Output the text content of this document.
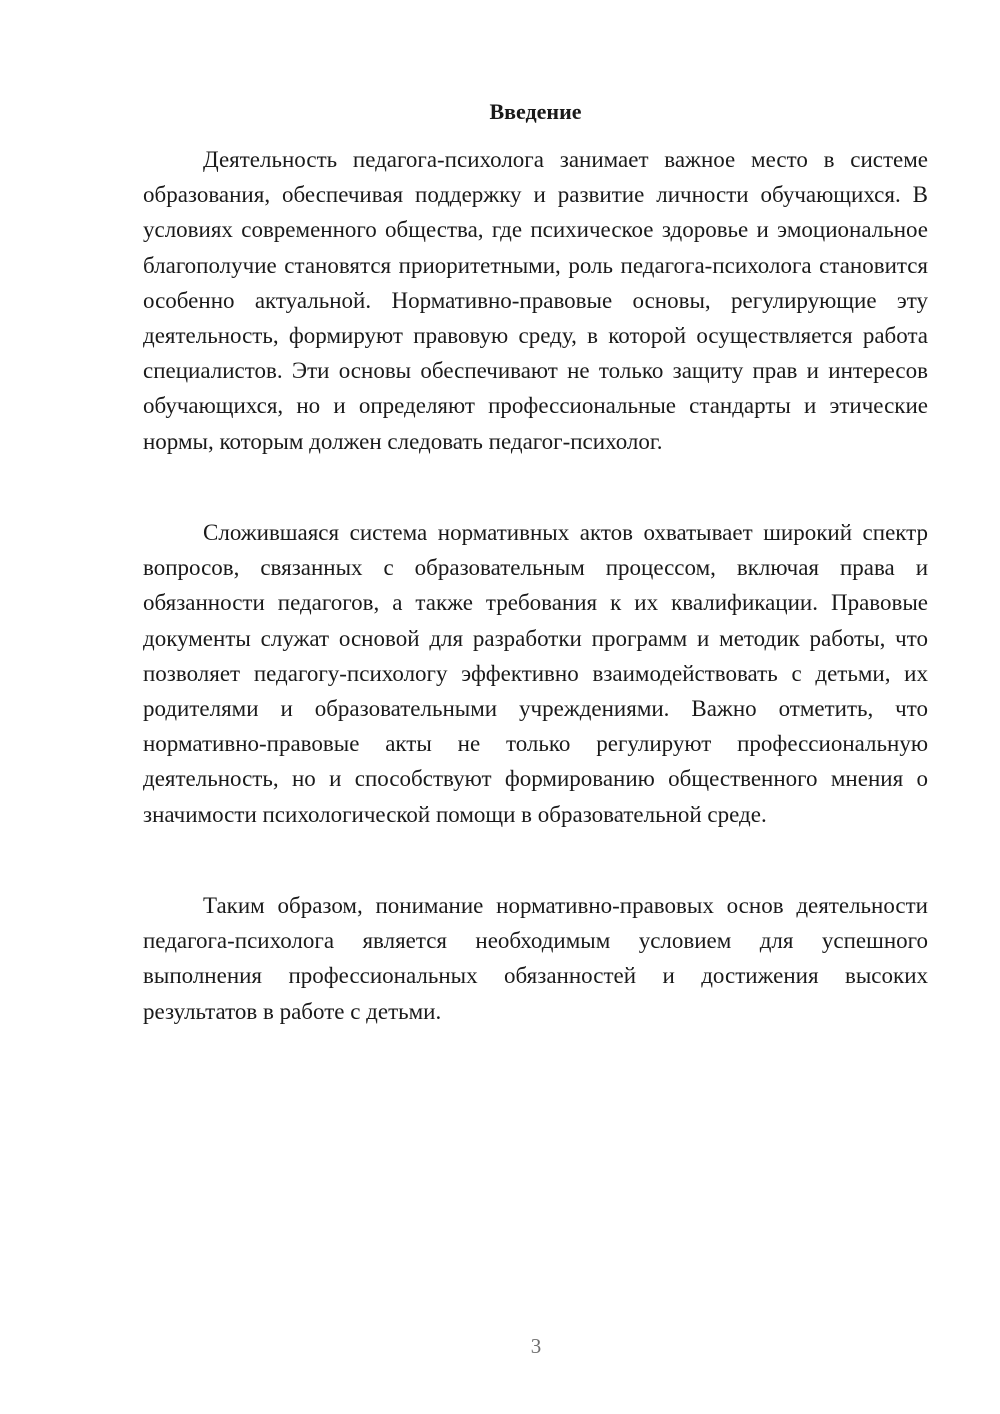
Введение

Деятельность педагога-психолога занимает важное место в системе образования, обеспечивая поддержку и развитие личности обучающихся. В условиях современного общества, где психическое здоровье и эмоциональное благополучие становятся приоритетными, роль педагога-психолога становится особенно актуальной. Нормативно-правовые основы, регулирующие эту деятельность, формируют правовую среду, в которой осуществляется работа специалистов. Эти основы обеспечивают не только защиту прав и интересов обучающихся, но и определяют профессиональные стандарты и этические нормы, которым должен следовать педагог-психолог.

Сложившаяся система нормативных актов охватывает широкий спектр вопросов, связанных с образовательным процессом, включая права и обязанности педагогов, а также требования к их квалификации. Правовые документы служат основой для разработки программ и методик работы, что позволяет педагогу-психологу эффективно взаимодействовать с детьми, их родителями и образовательными учреждениями. Важно отметить, что нормативно-правовые акты не только регулируют профессиональную деятельность, но и способствуют формированию общественного мнения о значимости психологической помощи в образовательной среде.

Таким образом, понимание нормативно-правовых основ деятельности педагога-психолога является необходимым условием для успешного выполнения профессиональных обязанностей и достижения высоких результатов в работе с детьми.

3
